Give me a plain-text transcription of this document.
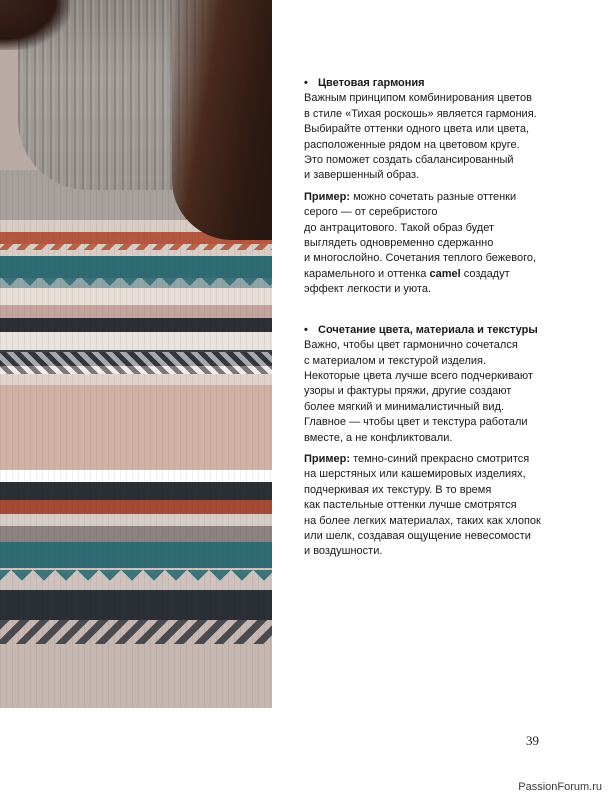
• Цветовая гармония

Важным принципом комбинирования цветов
в стиле «Тихая роскошь» является гармония.
Выбирайте оттенки одного цвета или цвета,
расположенные рядом на цветовом круге.
Это поможет создать сбалансированный
и завершенный образ.

Пример: можно сочетать разные оттенки
серого — от серебристого
до антрацитового. Такой образ будет
выглядеть одновременно сдержанно
и многослойно. Сочетания теплого бежевого,
карамельного и оттенка camel создадут
эффект легкости и уюта.

• Сочетание цвета, материала и текстуры

Важно, чтобы цвет гармонично сочетался
с материалом и текстурой изделия.
Некоторые цвета лучше всего подчеркивают
узоры и фактуры пряжи, другие создают
более мягкий и минималистичный вид.
Главное — чтобы цвет и текстура работали
вместе, а не конфликтовали.

Пример: темно-синий прекрасно смотрится
на шерстяных или кашемировых изделиях,
подчеркивая их текстуру. В то время
как пастельные оттенки лучше смотрятся
на более легких материалах, таких как хлопок
или шелк, создавая ощущение невесомости
и воздушности.

39
PassionForum.ru
